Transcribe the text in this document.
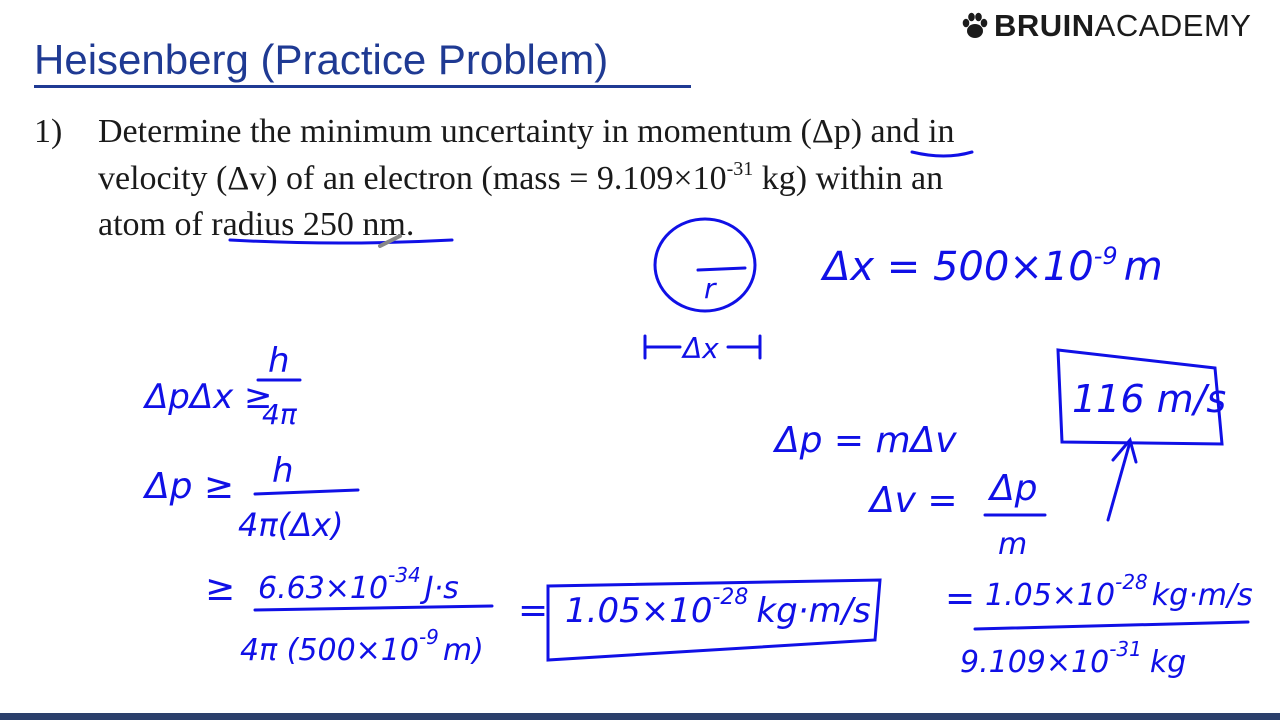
BRUIN ACADEMY
Heisenberg (Practice Problem)
1) Determine the minimum uncertainty in momentum (Δp) and in
velocity (Δv) of an electron (mass = $9.109\times 10^{-31}$ kg) within an
atom of radius 250 nm.
$\Delta x = 500\times 10^{-9}$ m
r
Δx
ΔpΔx ≥
h
4π
Δp ≥ h
4π(Δx)
≥ $6.63\times 10^{-34}$ J·s
4π ($500\times 10^{-9}$ m)
= $1.05\times 10^{-28}$ kg·m/s
Δp = mΔv
Δv = Δp
m
116 m/s
= $1.05\times 10^{-28}$ kg·m/s
$9.109\times 10^{-31}$ kg
